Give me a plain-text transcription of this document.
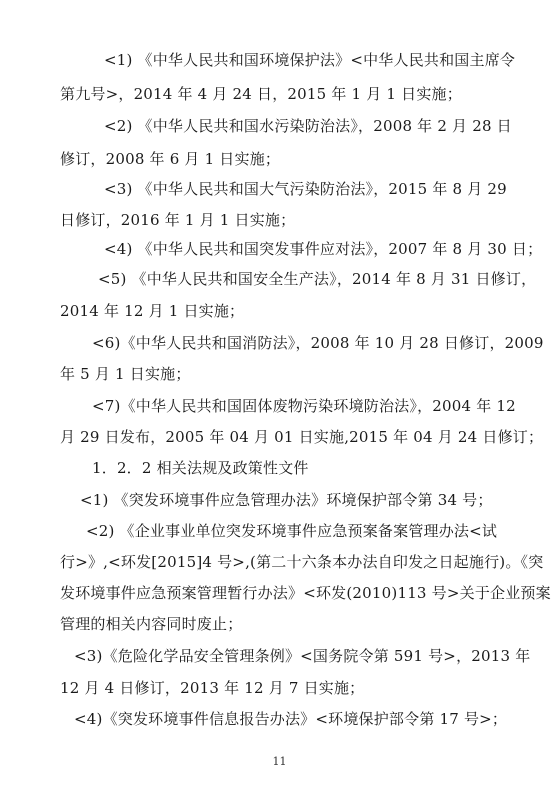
<1) 《中华人民共和国环境保护法》<中华人民共和国主席令
第九号>，2014 年 4 月 24 日，2015 年 1 月 1 日实施；
<2) 《中华人民共和国水污染防治法》，2008 年 2 月 28 日
修订，2008 年 6 月 1 日实施；
<3) 《中华人民共和国大气污染防治法》，2015 年 8 月 29
日修订，2016 年 1 月 1 日实施；
<4) 《中华人民共和国突发事件应对法》，2007 年 8 月 30 日；
<5) 《中华人民共和国安全生产法》，2014 年 8 月 31 日修订，
2014 年 12 月 1 日实施；
<6)《中华人民共和国消防法》，2008 年 10 月 28 日修订，2009
年 5 月 1 日实施；
<7)《中华人民共和国固体废物污染环境防治法》，2004 年 12
月 29 日发布，2005 年 04 月 01 日实施,2015 年 04 月 24 日修订；
1．2．2 相关法规及政策性文件
<1) 《突发环境事件应急管理办法》环境保护部令第 34 号；
<2) 《企业事业单位突发环境事件应急预案备案管理办法<试
行>》,<环发[2015]4 号>,(第二十六条本办法自印发之日起施行)。《突
发环境事件应急预案管理暂行办法》<环发(2010)113 号>关于企业预案
管理的相关内容同时废止；
<3)《危险化学品安全管理条例》<国务院令第 591 号>，2013 年
12 月 4 日修订，2013 年 12 月 7 日实施；
<4)《突发环境事件信息报告办法》<环境保护部令第 17 号>；
11
